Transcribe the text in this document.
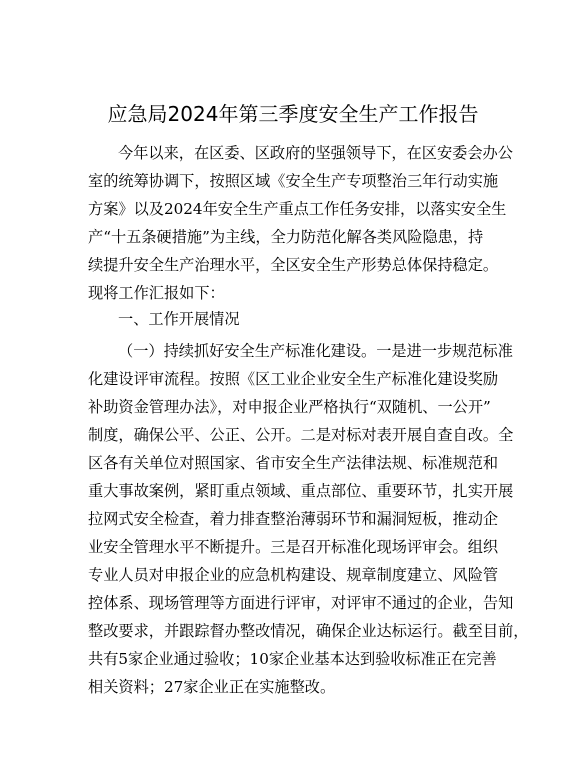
应急局2024年第三季度安全生产工作报告
今年以来，在区委、区政府的坚强领导下，在区安委会办公
室的统筹协调下，按照区域《安全生产专项整治三年行动实施
方案》以及2024年安全生产重点工作任务安排，以落实安全生
产“十五条硬措施”为主线，全力防范化解各类风险隐患，持
续提升安全生产治理水平，全区安全生产形势总体保持稳定。
现将工作汇报如下：
一、工作开展情况
（一）持续抓好安全生产标准化建设。一是进一步规范标准
化建设评审流程。按照《区工业企业安全生产标准化建设奖励
补助资金管理办法》，对申报企业严格执行“双随机、一公开”
制度，确保公平、公正、公开。二是对标对表开展自查自改。全
区各有关单位对照国家、省市安全生产法律法规、标准规范和
重大事故案例，紧盯重点领域、重点部位、重要环节，扎实开展
拉网式安全检查，着力排查整治薄弱环节和漏洞短板，推动企
业安全管理水平不断提升。三是召开标准化现场评审会。组织
专业人员对申报企业的应急机构建设、规章制度建立、风险管
控体系、现场管理等方面进行评审，对评审不通过的企业，告知
整改要求，并跟踪督办整改情况，确保企业达标运行。截至目前，
共有5家企业通过验收；10家企业基本达到验收标准正在完善
相关资料；27家企业正在实施整改。
